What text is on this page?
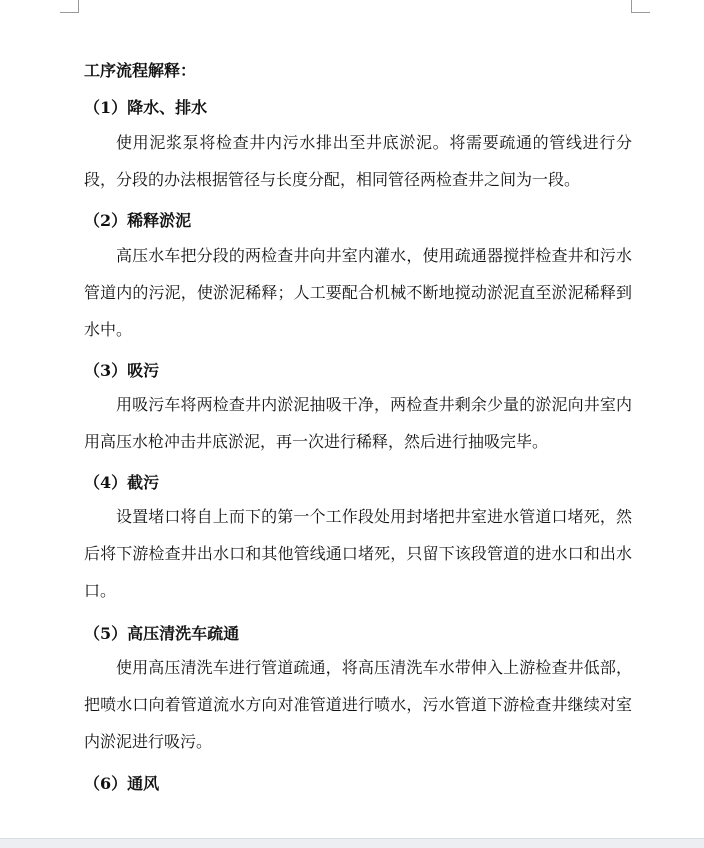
工序流程解释：
（1）降水、排水
使用泥浆泵将检查井内污水排出至井底淤泥。将需要疏通的管线进行分段，分段的办法根据管径与长度分配，相同管径两检查井之间为一段。
（2）稀释淤泥
高压水车把分段的两检查井向井室内灌水，使用疏通器搅拌检查井和污水管道内的污泥，使淤泥稀释；人工要配合机械不断地搅动淤泥直至淤泥稀释到水中。
（3）吸污
用吸污车将两检查井内淤泥抽吸干净，两检查井剩余少量的淤泥向井室内用高压水枪冲击井底淤泥，再一次进行稀释，然后进行抽吸完毕。
（4）截污
设置堵口将自上而下的第一个工作段处用封堵把井室进水管道口堵死，然后将下游检查井出水口和其他管线通口堵死，只留下该段管道的进水口和出水口。
（5）高压清洗车疏通
使用高压清洗车进行管道疏通，将高压清洗车水带伸入上游检查井低部，把喷水口向着管道流水方向对准管道进行喷水，污水管道下游检查井继续对室内淤泥进行吸污。
（6）通风
